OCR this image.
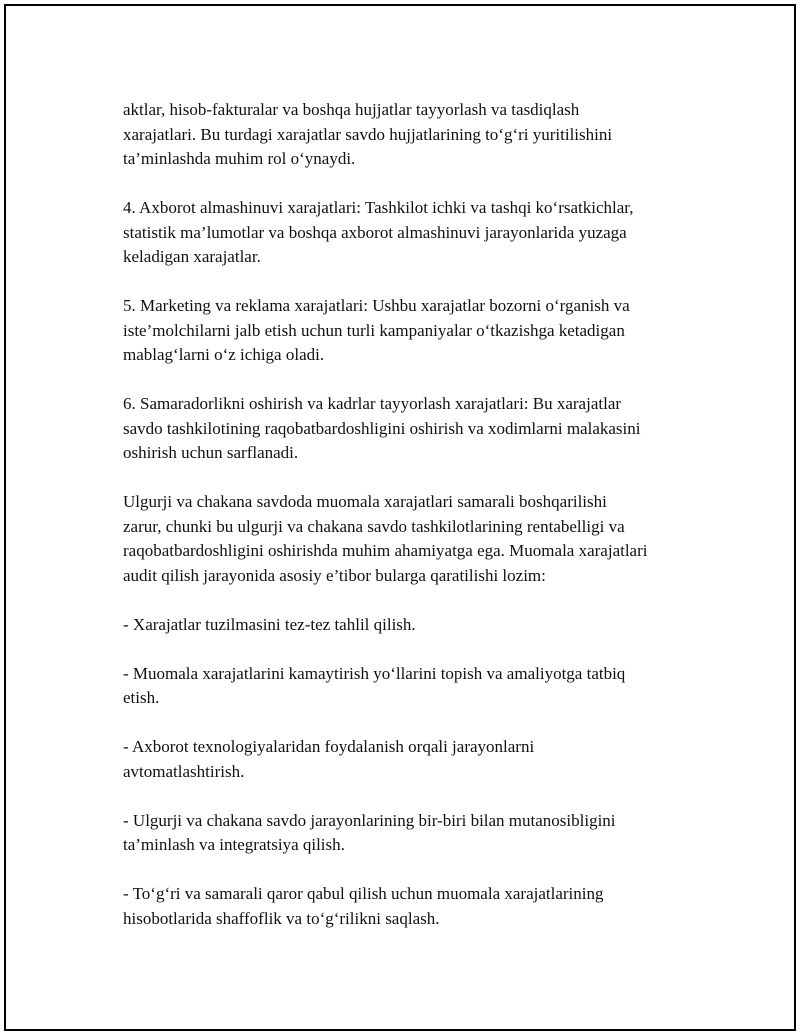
aktlar, hisob-fakturalar va boshqa hujjatlar tayyorlash va tasdiqlash
xarajatlari. Bu turdagi xarajatlar savdo hujjatlarining to‘g‘ri yuritilishini
ta’minlashda muhim rol o‘ynaydi.

4. Axborot almashinuvi xarajatlari: Tashkilot ichki va tashqi ko‘rsatkichlar,
statistik ma’lumotlar va boshqa axborot almashinuvi jarayonlarida yuzaga
keladigan xarajatlar.

5. Marketing va reklama xarajatlari: Ushbu xarajatlar bozorni o‘rganish va
iste’molchilarni jalb etish uchun turli kampaniyalar o‘tkazishga ketadigan
mablag‘larni o‘z ichiga oladi.

6. Samaradorlikni oshirish va kadrlar tayyorlash xarajatlari: Bu xarajatlar
savdo tashkilotining raqobatbardoshligini oshirish va xodimlarni malakasini
oshirish uchun sarflanadi.

Ulgurji va chakana savdoda muomala xarajatlari samarali boshqarilishi
zarur, chunki bu ulgurji va chakana savdo tashkilotlarining rentabelligi va
raqobatbardoshligini oshirishda muhim ahamiyatga ega. Muomala xarajatlari
audit qilish jarayonida asosiy e’tibor bularga qaratilishi lozim:

- Xarajatlar tuzilmasini tez-tez tahlil qilish.

- Muomala xarajatlarini kamaytirish yo‘llarini topish va amaliyotga tatbiq
etish.

- Axborot texnologiyalaridan foydalanish orqali jarayonlarni
avtomatlashtirish.

- Ulgurji va chakana savdo jarayonlarining bir-biri bilan mutanosibligini
ta’minlash va integratsiya qilish.

- To‘g‘ri va samarali qaror qabul qilish uchun muomala xarajatlarining
hisobotlarida shaffoflik va to‘g‘rilikni saqlash.
